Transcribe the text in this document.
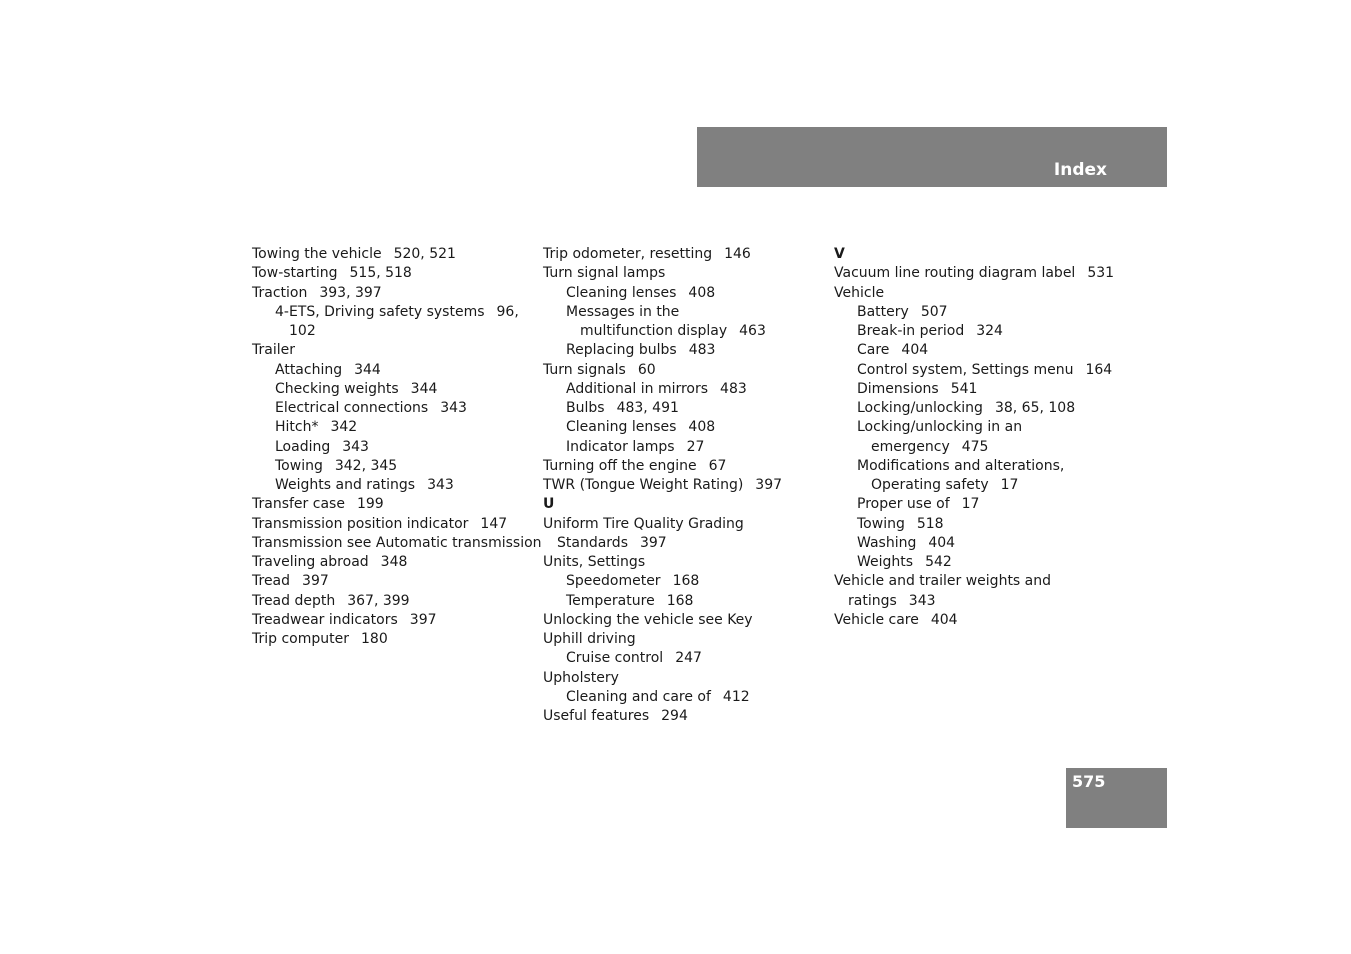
Index
Towing the vehicle 520, 521
Tow-starting 515, 518
Traction 393, 397
4-ETS, Driving safety systems 96,
102
Trailer
Attaching 344
Checking weights 344
Electrical connections 343
Hitch* 342
Loading 343
Towing 342, 345
Weights and ratings 343
Transfer case 199
Transmission position indicator 147
Transmission see Automatic transmission
Traveling abroad 348
Tread 397
Tread depth 367, 399
Treadwear indicators 397
Trip computer 180
Trip odometer, resetting 146
Turn signal lamps
Cleaning lenses 408
Messages in the
multifunction display 463
Replacing bulbs 483
Turn signals 60
Additional in mirrors 483
Bulbs 483, 491
Cleaning lenses 408
Indicator lamps 27
Turning off the engine 67
TWR (Tongue Weight Rating) 397
U
Uniform Tire Quality Grading
Standards 397
Units, Settings
Speedometer 168
Temperature 168
Unlocking the vehicle see Key
Uphill driving
Cruise control 247
Upholstery
Cleaning and care of 412
Useful features 294
V
Vacuum line routing diagram label 531
Vehicle
Battery 507
Break-in period 324
Care 404
Control system, Settings menu 164
Dimensions 541
Locking/unlocking 38, 65, 108
Locking/unlocking in an
emergency 475
Modifications and alterations,
Operating safety 17
Proper use of 17
Towing 518
Washing 404
Weights 542
Vehicle and trailer weights and
ratings 343
Vehicle care 404
575
